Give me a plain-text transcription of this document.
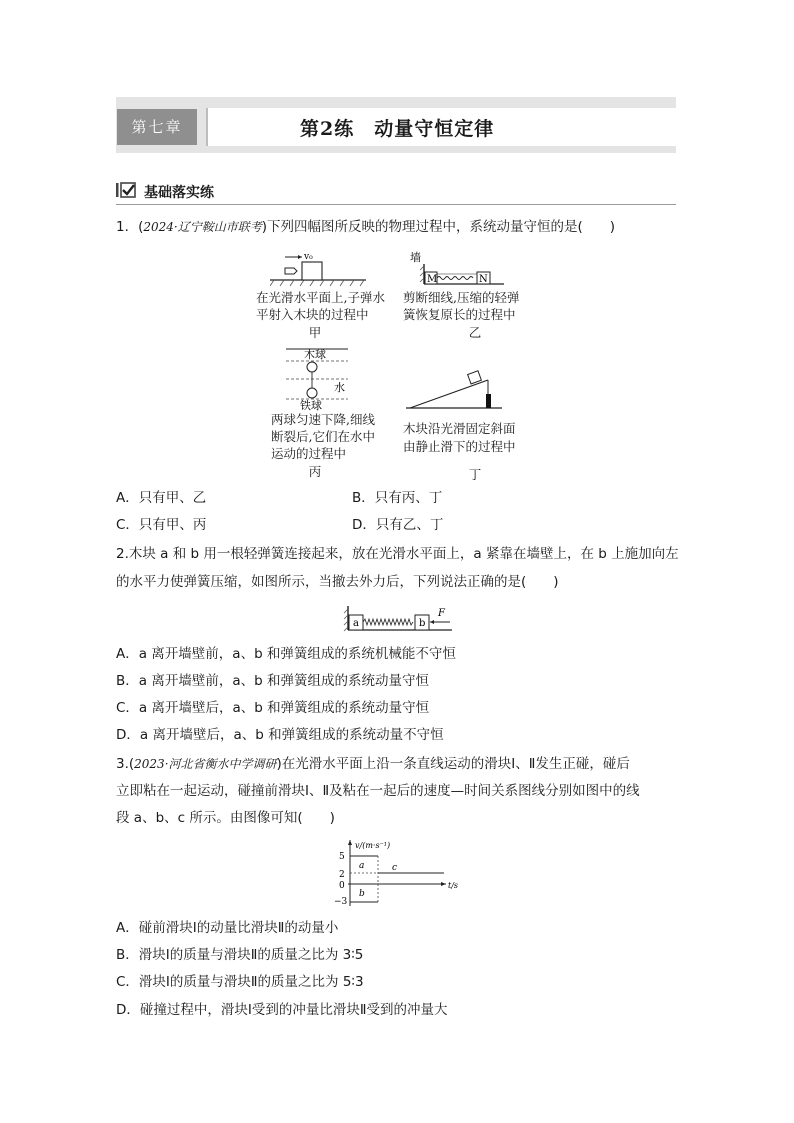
第七章	第2练　动量守恒定律
基础落实练
1．(2024·辽宁鞍山市联考)下列四幅图所反映的物理过程中，系统动量守恒的是(　　)
v₀
在光滑水平面上,子弹水
平射入木块的过程中
甲
墙
M	N
剪断细线,压缩的轻弹
簧恢复原长的过程中
乙
木球
水
铁球
两球匀速下降,细线
断裂后,它们在水中
运动的过程中
丙
木块沿光滑固定斜面
由静止滑下的过程中
丁
A．只有甲、乙	B．只有丙、丁
C．只有甲、丙	D．只有乙、丁
2.木块 a 和 b 用一根轻弹簧连接起来，放在光滑水平面上，a 紧靠在墙壁上，在 b 上施加向左
的水平力使弹簧压缩，如图所示，当撤去外力后，下列说法正确的是(　　)
a	b
F
A．a 离开墙壁前，a、b 和弹簧组成的系统机械能不守恒
B．a 离开墙壁前，a、b 和弹簧组成的系统动量守恒
C．a 离开墙壁后，a、b 和弹簧组成的系统动量守恒
D．a 离开墙壁后，a、b 和弹簧组成的系统动量不守恒
3.(2023·河北省衡水中学调研)在光滑水平面上沿一条直线运动的滑块Ⅰ、Ⅱ发生正碰，碰后
立即粘在一起运动，碰撞前滑块Ⅰ、Ⅱ及粘在一起后的速度—时间关系图线分别如图中的线
段 a、b、c 所示。由图像可知(　　)
v/(m·s⁻¹)
t/s
5
2
0
−3
a
b
c
A．碰前滑块Ⅰ的动量比滑块Ⅱ的动量小
B．滑块Ⅰ的质量与滑块Ⅱ的质量之比为 3∶5
C．滑块Ⅰ的质量与滑块Ⅱ的质量之比为 5∶3
D．碰撞过程中，滑块Ⅰ受到的冲量比滑块Ⅱ受到的冲量大
